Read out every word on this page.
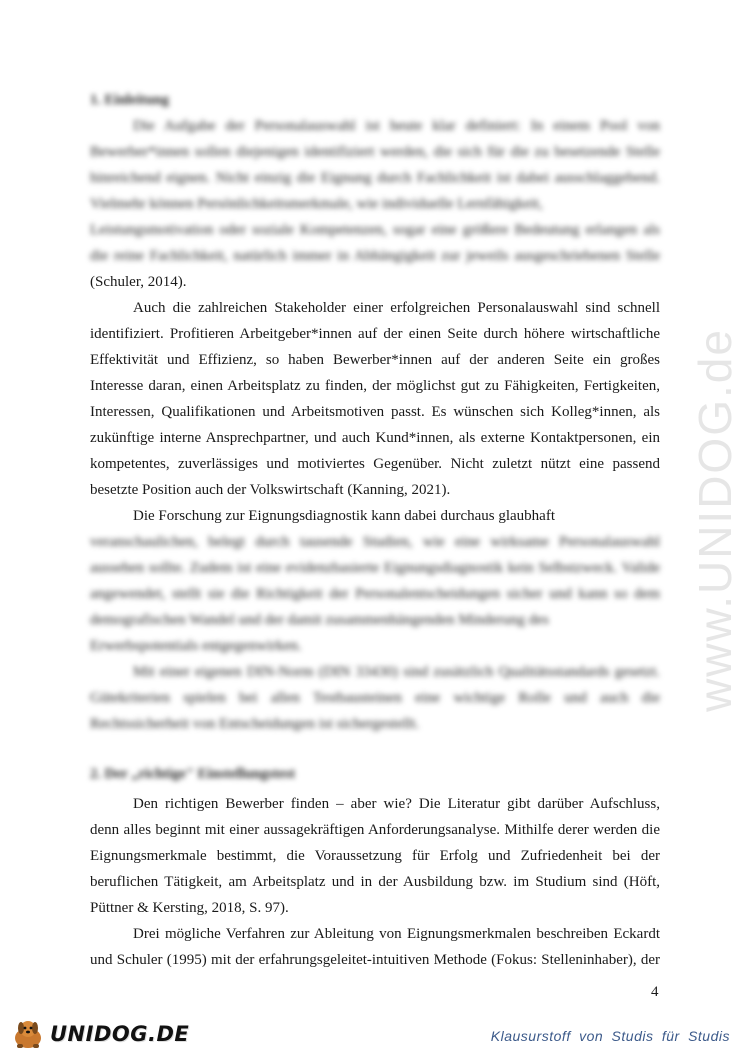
www.UNIDOG.de
1. Einleitung
Die Aufgabe der Personalauswahl ist heute klar definiert: In einem Pool von
Bewerber*innen sollen diejenigen identifiziert werden, die sich für die zu besetzende Stelle
hinreichend eignen. Nicht einzig die Eignung durch Fachlichkeit ist dabei ausschlaggebend.
Vielmehr können Persönlichkeitsmerkmale, wie individuelle Lernfähigkeit,
Leistungsmotivation oder soziale Kompetenzen, sogar eine größere Bedeutung erlangen als
die reine Fachlichkeit, natürlich immer in Abhängigkeit zur jeweils ausgeschriebenen Stelle
(Schuler, 2014).
Auch die zahlreichen Stakeholder einer erfolgreichen Personalauswahl sind schnell
identifiziert. Profitieren Arbeitgeber*innen auf der einen Seite durch höhere wirtschaftliche
Effektivität und Effizienz, so haben Bewerber*innen auf der anderen Seite ein großes
Interesse daran, einen Arbeitsplatz zu finden, der möglichst gut zu Fähigkeiten, Fertigkeiten,
Interessen, Qualifikationen und Arbeitsmotiven passt. Es wünschen sich Kolleg*innen, als
zukünftige interne Ansprechpartner, und auch Kund*innen, als externe Kontaktpersonen, ein
kompetentes, zuverlässiges und motiviertes Gegenüber. Nicht zuletzt nützt eine passend
besetzte Position auch der Volkswirtschaft (Kanning, 2021).
Die Forschung zur Eignungsdiagnostik kann dabei durchaus glaubhaft
veranschaulichen, belegt durch tausende Studien, wie eine wirksame Personalauswahl
aussehen sollte. Zudem ist eine evidenzbasierte Eignungsdiagnostik kein Selbstzweck. Valide
angewendet, stellt sie die Richtigkeit der Personalentscheidungen sicher und kann so dem
demografischen Wandel und der damit zusammenhängenden Minderung des
Erwerbspotentials entgegenwirken.
Mit einer eigenen DIN-Norm (DIN 33430) sind zusätzlich Qualitätsstandards gesetzt.
Gütekriterien spielen bei allen Testbausteinen eine wichtige Rolle und auch die
Rechtssicherheit von Entscheidungen ist sichergestellt.
2. Der „richtige" Einstellungstest
Den richtigen Bewerber finden – aber wie? Die Literatur gibt darüber Aufschluss,
denn alles beginnt mit einer aussagekräftigen Anforderungsanalyse. Mithilfe derer werden die
Eignungsmerkmale bestimmt, die Voraussetzung für Erfolg und Zufriedenheit bei der
beruflichen Tätigkeit, am Arbeitsplatz und in der Ausbildung bzw. im Studium sind (Höft,
Püttner & Kersting, 2018, S. 97).
Drei mögliche Verfahren zur Ableitung von Eignungsmerkmalen beschreiben Eckardt
und Schuler (1995) mit der erfahrungsgeleitet-intuitiven Methode (Fokus: Stelleninhaber), der
4
UNIDOG.DE	Klausurstoff von Studis für Studis
